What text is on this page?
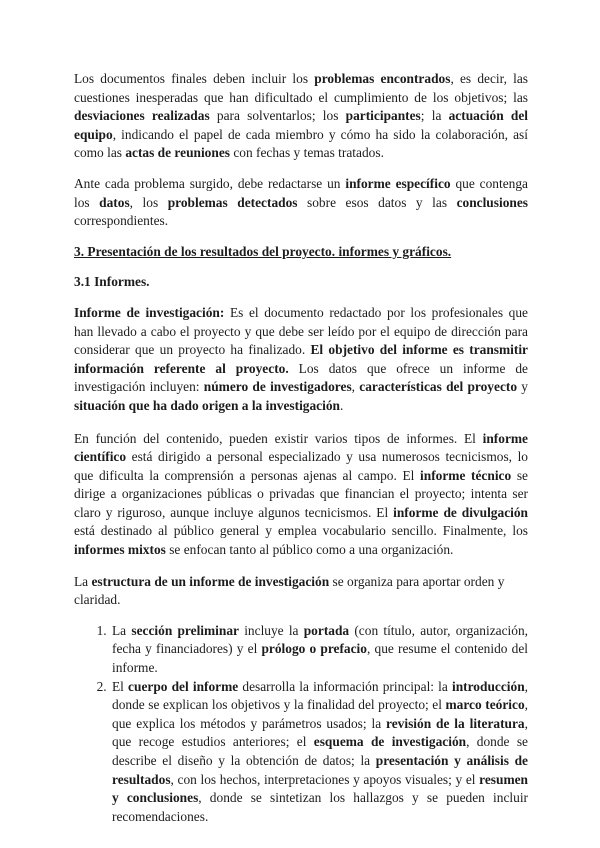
Los documentos finales deben incluir los problemas encontrados, es decir, las cuestiones inesperadas que han dificultado el cumplimiento de los objetivos; las desviaciones realizadas para solventarlos; los participantes; la actuación del equipo, indicando el papel de cada miembro y cómo ha sido la colaboración, así como las actas de reuniones con fechas y temas tratados.

Ante cada problema surgido, debe redactarse un informe específico que contenga los datos, los problemas detectados sobre esos datos y las conclusiones correspondientes.

3. Presentación de los resultados del proyecto. informes y gráficos.

3.1 Informes.

Informe de investigación: Es el documento redactado por los profesionales que han llevado a cabo el proyecto y que debe ser leído por el equipo de dirección para considerar que un proyecto ha finalizado. El objetivo del informe es transmitir información referente al proyecto. Los datos que ofrece un informe de investigación incluyen: número de investigadores, características del proyecto y situación que ha dado origen a la investigación.

En función del contenido, pueden existir varios tipos de informes. El informe científico está dirigido a personal especializado y usa numerosos tecnicismos, lo que dificulta la comprensión a personas ajenas al campo. El informe técnico se dirige a organizaciones públicas o privadas que financian el proyecto; intenta ser claro y riguroso, aunque incluye algunos tecnicismos. El informe de divulgación está destinado al público general y emplea vocabulario sencillo. Finalmente, los informes mixtos se enfocan tanto al público como a una organización.

La estructura de un informe de investigación se organiza para aportar orden y claridad.

1. La sección preliminar incluye la portada (con título, autor, organización, fecha y financiadores) y el prólogo o prefacio, que resume el contenido del informe.
2. El cuerpo del informe desarrolla la información principal: la introducción, donde se explican los objetivos y la finalidad del proyecto; el marco teórico, que explica los métodos y parámetros usados; la revisión de la literatura, que recoge estudios anteriores; el esquema de investigación, donde se describe el diseño y la obtención de datos; la presentación y análisis de resultados, con los hechos, interpretaciones y apoyos visuales; y el resumen y conclusiones, donde se sintetizan los hallazgos y se pueden incluir recomendaciones.
